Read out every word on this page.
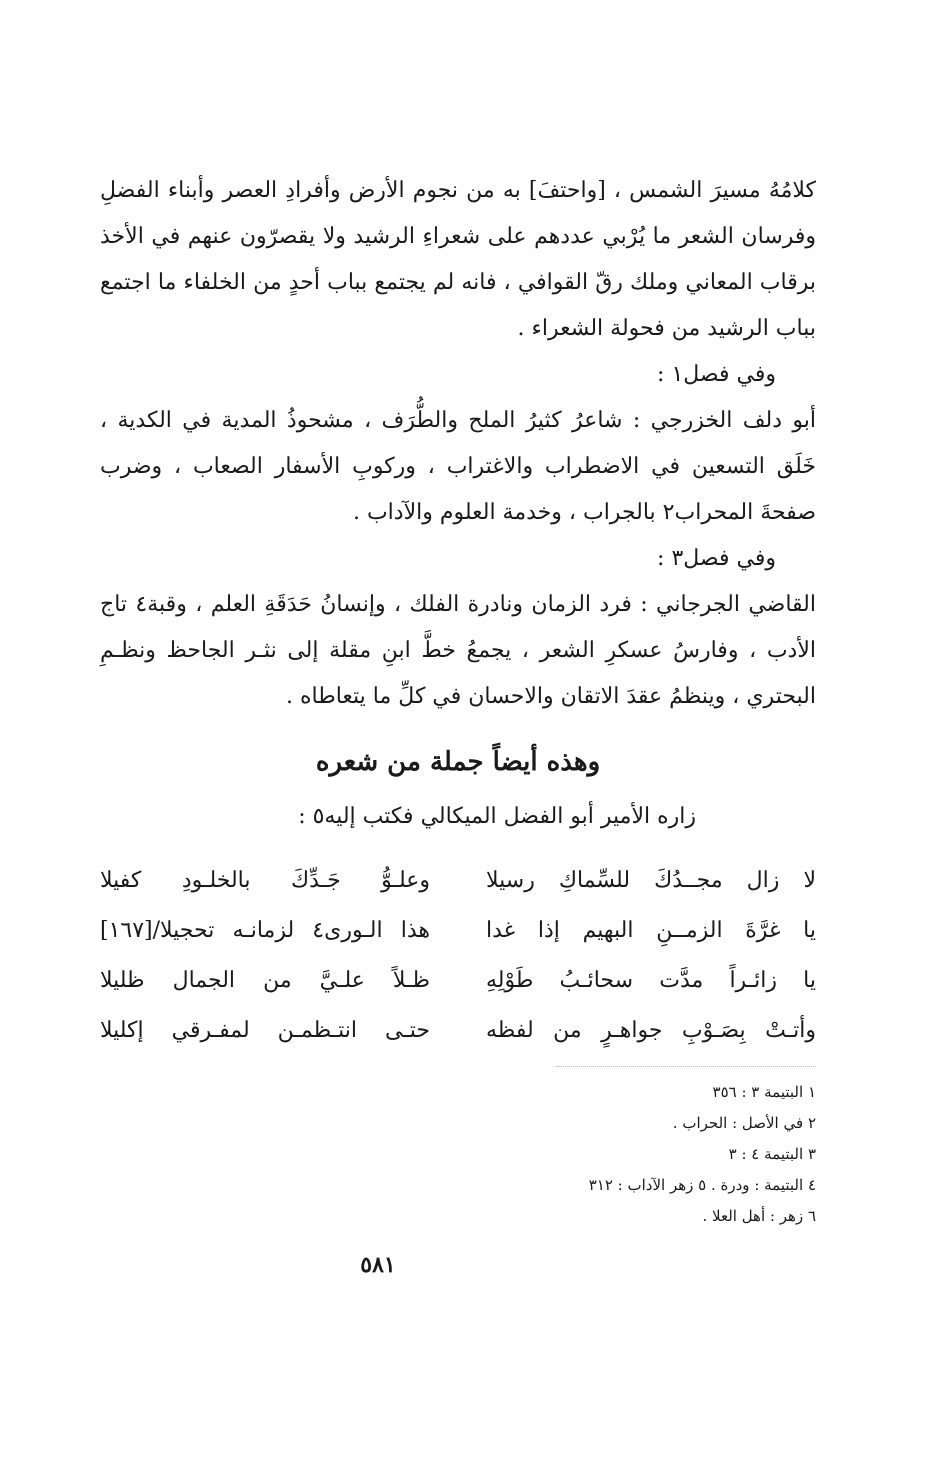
كلامُهُ مسيرَ الشمس ، [واحتفَ] به من نجوم الأرض وأفرادِ العصر وأبناء الفضلِ وفرسان الشعر ما يُرْبي عددهم على شعراءِ الرشيد ولا يقصرّون عنهم في الأخذ برقاب المعاني وملك رقّ القوافي ، فانه لم يجتمع بباب أحدٍ من الخلفاء ما اجتمع بباب الرشيد من فحولة الشعراء .

وفي فصل١ :

أبو دلف الخزرجي : شاعرُ كثيرُ الملح والطُّرَف ، مشحوذُ المدية في الكدية ، خَلَق التسعين في الاضطراب والاغتراب ، وركوبِ الأسفار الصعاب ، وضرب صفحةَ المحراب٢ بالجراب ، وخدمة العلوم والآداب .

وفي فصل٣ :

القاضي الجرجاني : فرد الزمان ونادرة الفلك ، وإنسانُ حَدَقَةِ العلم ، وقبة٤ تاج الأدب ، وفارسُ عسكرِ الشعر ، يجمعُ خطَّ ابنِ مقلة إلى نثـر الجاحظ ونظـمِ البحتري ، وينظمُ عقدَ الاتقان والاحسان في كلِّ ما يتعاطاه .

وهذه أيضاً جملة من شعره

زاره الأمير أبو الفضل الميكالي فكتب إليه٥ :

لا زال مجــدُكَ للسِّماكِ رسيلا
وعلـوُّ جَـدِّكَ بالخلـودِ كفيلا
يا غرَّةَ الزمــنِ البهيم إذا غدا
هذا الـورى٤ لزمانـه تحجيلا/[١٦٧]
يا زائـراً مدَّت سحائـبُ طَوْلِهِ
ظـلاً علـيَّ من الجمال ظليلا
وأتـتْ بِصَـوْبِ جواهـرٍ من لفظه
حتـى انتـظمـن لمفـرقي إكليلا

١ البتيمة ٣ : ٣٥٦

٢ في الأصل : الحراب .

٣ البتيمة ٤ : ٣

٤ البتيمة : ودرة . ٥ زهر الآداب : ٣١٢

٦ زهر : أهل العلا .

٥٨١
